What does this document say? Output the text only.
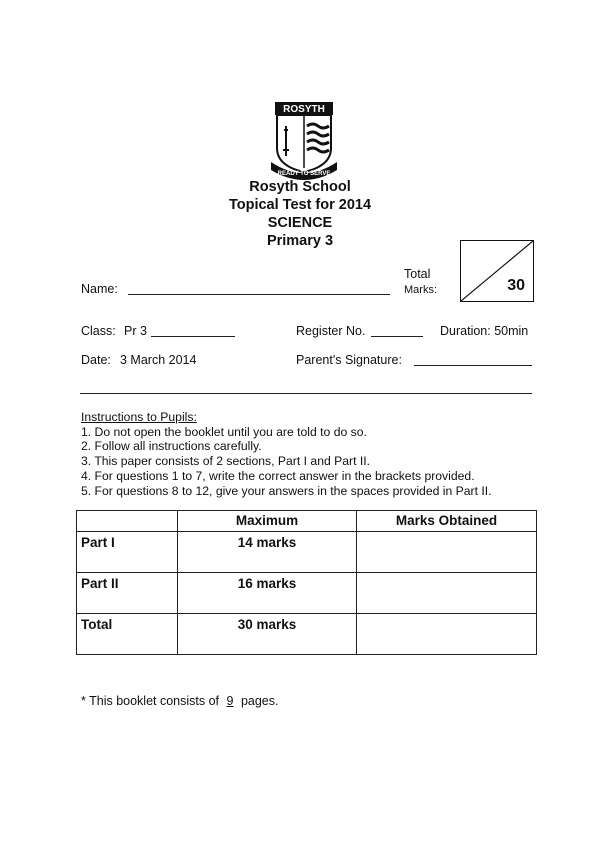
ROSYTH
READY TO SERVE
Rosyth School
Topical Test for 2014
SCIENCE
Primary 3
Name:
Total
Marks:	30
Class: Pr 3	Register No.	Duration: 50min
Date: 3 March 2014	Parent's Signature:
Instructions to Pupils:
1. Do not open the booklet until you are told to do so.
2. Follow all instructions carefully.
3. This paper consists of 2 sections, Part I and Part II.
4. For questions 1 to 7, write the correct answer in the brackets provided.
5. For questions 8 to 12, give your answers in the spaces provided in Part II.
	Maximum	Marks Obtained
Part I	14 marks	
Part II	16 marks	
Total	30 marks	
* This booklet consists of 9 pages.
